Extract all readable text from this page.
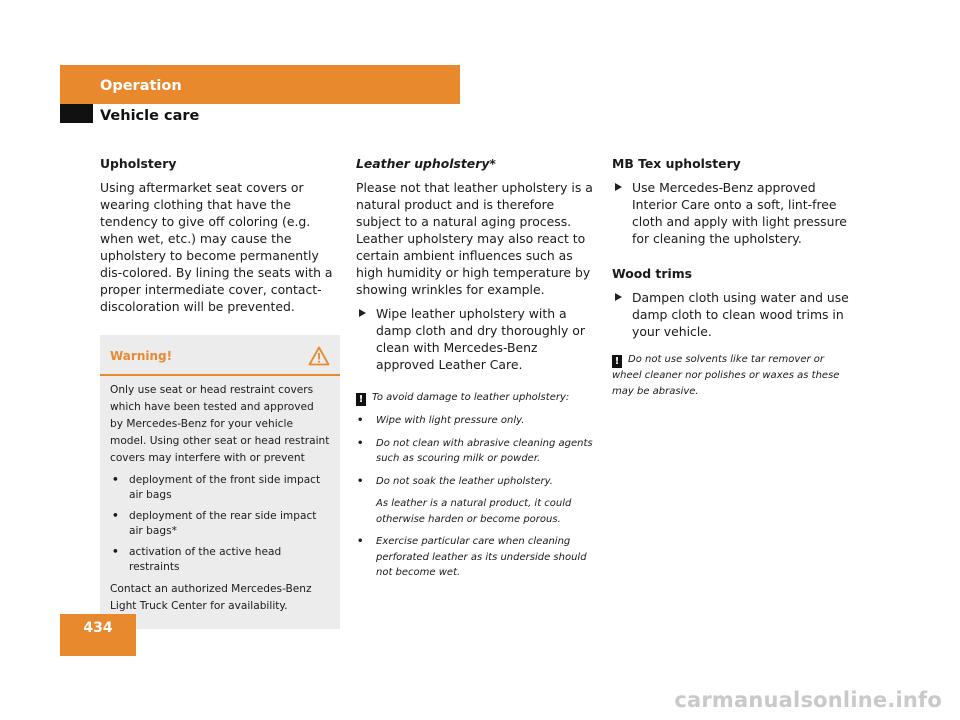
Operation
Vehicle care
Upholstery
Using aftermarket seat covers or wearing clothing that have the tendency to give off coloring (e.g. when wet, etc.) may cause the upholstery to become permanently dis-colored. By lining the seats with a proper intermediate cover, contact-discoloration will be prevented.
Warning!
Only use seat or head restraint covers which have been tested and approved by Mercedes-Benz for your vehicle model. Using other seat or head restraint covers may interfere with or prevent
• deployment of the front side impact air bags
• deployment of the rear side impact air bags*
• activation of the active head restraints
Contact an authorized Mercedes-Benz Light Truck Center for availability.
Leather upholstery*
Please not that leather upholstery is a natural product and is therefore subject to a natural aging process. Leather upholstery may also react to certain ambient influences such as high humidity or high temperature by showing wrinkles for example.
Wipe leather upholstery with a damp cloth and dry thoroughly or clean with Mercedes-Benz approved Leather Care.
! To avoid damage to leather upholstery:
• Wipe with light pressure only.
• Do not clean with abrasive cleaning agents such as scouring milk or powder.
• Do not soak the leather upholstery.
As leather is a natural product, it could otherwise harden or become porous.
• Exercise particular care when cleaning perforated leather as its underside should not become wet.
MB Tex upholstery
Use Mercedes-Benz approved Interior Care onto a soft, lint-free cloth and apply with light pressure for cleaning the upholstery.
Wood trims
Dampen cloth using water and use damp cloth to clean wood trims in your vehicle.
! Do not use solvents like tar remover or wheel cleaner nor polishes or waxes as these may be abrasive.
434
carmanualsonline.info
